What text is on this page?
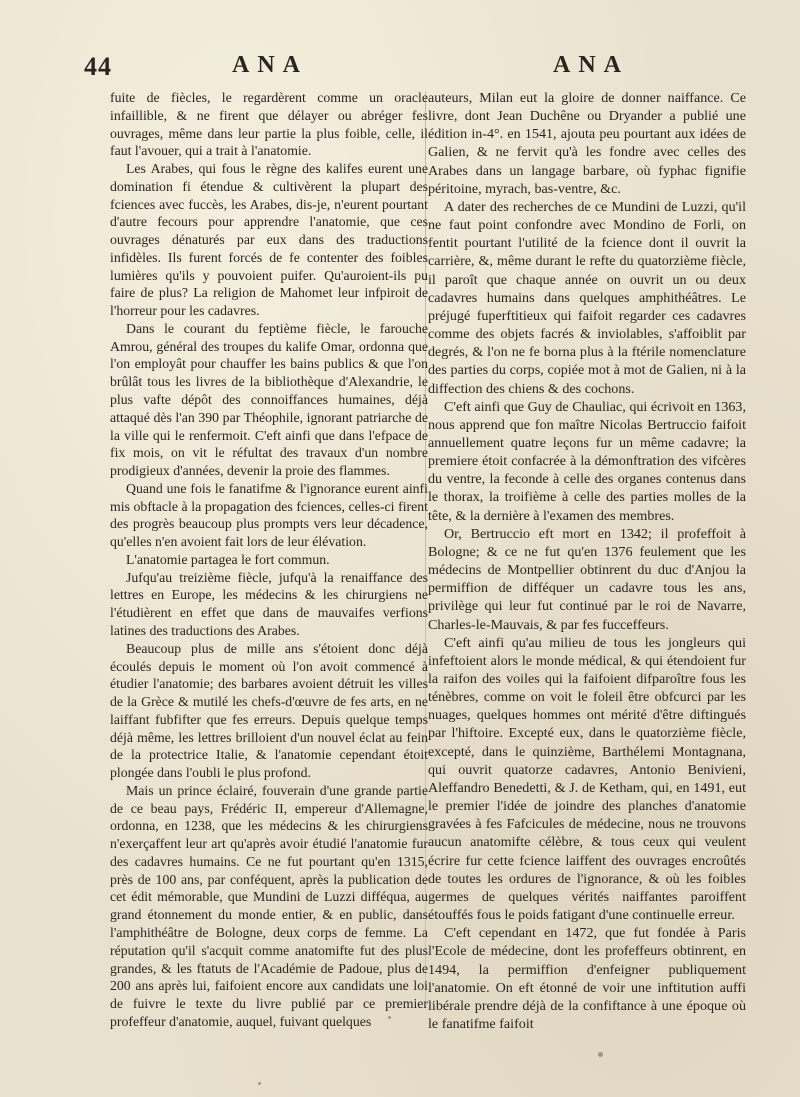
44	ANA	ANA

fuite de fiècles, le regardèrent comme un oracle infaillible, & ne firent que délayer ou abréger fes ouvrages, même dans leur partie la plus foible, celle, il faut l'avouer, qui a trait à l'anatomie.

Les Arabes, qui fous le règne des kalifes eurent une domination fi étendue & cultivèrent la plupart des fciences avec fuccès, les Arabes, dis-je, n'eurent pourtant d'autre fecours pour apprendre l'anatomie, que ces ouvrages dénaturés par eux dans des traductions infidèles. Ils furent forcés de fe contenter des foibles lumières qu'ils y pouvoient puifer. Qu'auroient-ils pu faire de plus? La religion de Mahomet leur infpiroit de l'horreur pour les cadavres.

Dans le courant du feptième fiècle, le farouche Amrou, général des troupes du kalife Omar, ordonna que l'on employât pour chauffer les bains publics & que l'on brûlât tous les livres de la bibliothèque d'Alexandrie, le plus vafte dépôt des connoiffances humaines, déjà attaqué dès l'an 390 par Théophile, ignorant patriarche de la ville qui le renfermoit. C'eft ainfi que dans l'efpace de fix mois, on vit le réfultat des travaux d'un nombre prodigieux d'années, devenir la proie des flammes.

Quand une fois le fanatifme & l'ignorance eurent ainfi mis obftacle à la propagation des fciences, celles-ci firent des progrès beaucoup plus prompts vers leur décadence, qu'elles n'en avoient fait lors de leur élévation.

L'anatomie partagea le fort commun.

Jufqu'au treizième fiècle, jufqu'à la renaiffance des lettres en Europe, les médecins & les chirurgiens ne l'étudièrent en effet que dans de mauvaifes verfions latines des traductions des Arabes.

Beaucoup plus de mille ans s'étoient donc déjà écoulés depuis le moment où l'on avoit commencé à étudier l'anatomie; des barbares avoient détruit les villes de la Grèce & mutilé les chefs-d'œuvre de fes arts, en ne laiffant fubfifter que fes erreurs. Depuis quelque temps déjà même, les lettres brilloient d'un nouvel éclat au fein de la protectrice Italie, & l'anatomie cependant étoit plongée dans l'oubli le plus profond.

Mais un prince éclairé, fouverain d'une grande partie de ce beau pays, Frédéric II, empereur d'Allemagne, ordonna, en 1238, que les médecins & les chirurgiens n'exerçaffent leur art qu'après avoir étudié l'anatomie fur des cadavres humains. Ce ne fut pourtant qu'en 1315, près de 100 ans, par conféquent, après la publication de cet édit mémorable, que Mundini de Luzzi difféqua, au grand étonnement du monde entier, & en public, dans l'amphithéâtre de Bologne, deux corps de femme. La réputation qu'il s'acquit comme anatomifte fut des plus grandes, & les ftatuts de l'Académie de Padoue, plus de 200 ans après lui, faifoient encore aux candidats une loi de fuivre le texte du livre publié par ce premier profeffeur d'anatomie, auquel, fuivant quelques

auteurs, Milan eut la gloire de donner naiffance. Ce livre, dont Jean Duchêne ou Dryander a publié une édition in-4°. en 1541, ajouta peu pourtant aux idées de Galien, & ne fervit qu'à les fondre avec celles des Arabes dans un langage barbare, où fyphac fignifie péritoine, myrach, bas-ventre, &c.

A dater des recherches de ce Mundini de Luzzi, qu'il ne faut point confondre avec Mondino de Forli, on fentit pourtant l'utilité de la fcience dont il ouvrit la carrière, &, même durant le refte du quatorzième fiècle, il paroît que chaque année on ouvrit un ou deux cadavres humains dans quelques amphithéâtres. Le préjugé fuperftitieux qui faifoit regarder ces cadavres comme des objets facrés & inviolables, s'affoiblit par degrés, & l'on ne fe borna plus à la ftérile nomenclature des parties du corps, copiée mot à mot de Galien, ni à la diffection des chiens & des cochons.

C'eft ainfi que Guy de Chauliac, qui écrivoit en 1363, nous apprend que fon maître Nicolas Bertruccio faifoit annuellement quatre leçons fur un même cadavre; la premiere étoit confacrée à la démonftration des vifcères du ventre, la feconde à celle des organes contenus dans le thorax, la troifième à celle des parties molles de la tête, & la dernière à l'examen des membres.

Or, Bertruccio eft mort en 1342; il profeffoit à Bologne; & ce ne fut qu'en 1376 feulement que les médecins de Montpellier obtinrent du duc d'Anjou la permiffion de difféquer un cadavre tous les ans, privilège qui leur fut continué par le roi de Navarre, Charles-le-Mauvais, & par fes fucceffeurs.

C'eft ainfi qu'au milieu de tous les jongleurs qui infeftoient alors le monde médical, & qui étendoient fur la raifon des voiles qui la faifoient difparoître fous les ténèbres, comme on voit le foleil être obfcurci par les nuages, quelques hommes ont mérité d'être diftingués par l'hiftoire. Excepté eux, dans le quatorzième fiècle, excepté, dans le quinzième, Barthélemi Montagnana, qui ouvrit quatorze cadavres, Antonio Benivieni, Aleffandro Benedetti, & J. de Ketham, qui, en 1491, eut le premier l'idée de joindre des planches d'anatomie gravées à fes Fafcicules de médecine, nous ne trouvons aucun anatomifte célèbre, & tous ceux qui veulent écrire fur cette fcience laiffent des ouvrages encroûtés de toutes les ordures de l'ignorance, & où les foibles germes de quelques vérités naiffantes paroiffent étouffés fous le poids fatigant d'une continuelle erreur.

C'eft cependant en 1472, que fut fondée à Paris l'Ecole de médecine, dont les profeffeurs obtinrent, en 1494, la permiffion d'enfeigner publiquement l'anatomie. On eft étonné de voir une inftitution auffi libérale prendre déjà de la confiftance à une époque où le fanatifme faifoit
